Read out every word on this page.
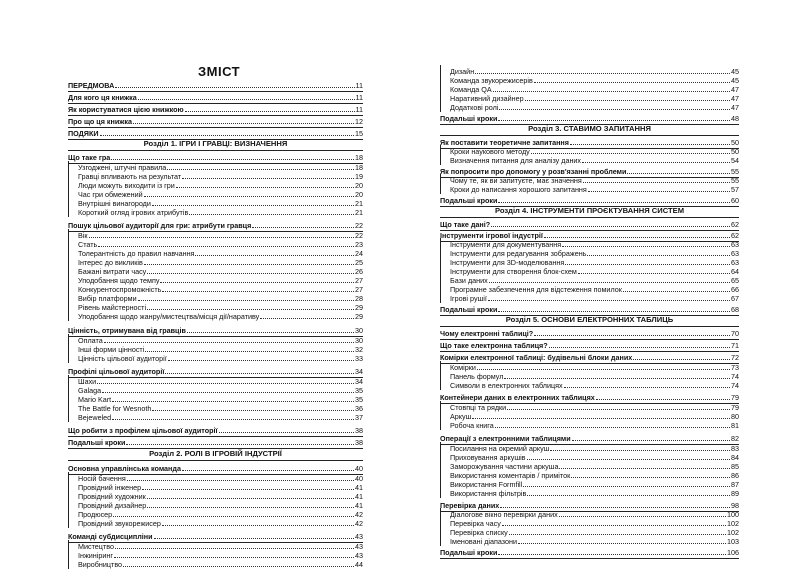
ЗМІСТ
ПЕРЕДМОВА	11
Для кого ця книжка	11
Як користуватися цією книжкою	11
Про що ця книжка	12
ПОДЯКИ	15
Розділ 1. ІГРИ І ГРАВЦІ: ВИЗНАЧЕННЯ
Що таке гра	18
Узгоджені, штучні правила	18
Гравці впливають на результат	19
Люди можуть виходити із гри	20
Час гри обмежений	20
Внутрішні винагороди	21
Короткий огляд ігрових атрибутів	21
Пошук цільової аудиторії для гри: атрибути гравця	22
Вік	22
Стать	23
Толерантність до правил навчання	24
Інтерес до викликів	25
Бажані витрати часу	26
Уподобання щодо темпу	27
Конкурентоспроможність	27
Вибір платформи	28
Рівень майстерності	29
Уподобання щодо жанру/мистецтва/місця дії/наративу	29
Цінність, отримувана від гравців	30
Оплата	30
Інші форми цінності	32
Цінність цільової аудиторії	33
Профілі цільової аудиторії	34
Шахи	34
Galaga	35
Mario Kart	35
The Battle for Wesnoth	36
Bejeweled	37
Що робити з профілем цільової аудиторії	38
Подальші кроки	38
Розділ 2. РОЛІ В ІГРОВІЙ ІНДУСТРІЇ
Основна управлінська команда	40
Носій бачення	40
Провідний інженер	41
Провідний художник	41
Провідний дизайнер	41
Продюсер	42
Провідний звукорежисер	42
Команді субдисципліни	43
Мистецтво	43
Інжиніринг	43
Виробництво	44
Дизайн	45
Команда звукорежисерів	45
Команда QA	47
Наративний дизайнер	47
Додаткові ролі	47
Подальші кроки	48
Розділ 3. СТАВИМО ЗАПИТАННЯ
Як поставити теоретичне запитання	50
Кроки наукового методу	50
Визначення питання для аналізу даних	54
Як попросити про допомогу у розв'язанні проблеми	55
Чому те, як ви запитуєте, має значення	55
Кроки до написання хорошого запитання	57
Подальші кроки	60
Розділ 4. ІНСТРУМЕНТИ ПРОЄКТУВАННЯ СИСТЕМ
Що таке дані?	62
Інструменти ігрової індустрії	62
Інструменти для документування	63
Інструменти для редагування зображень	63
Інструменти для 3D-моделювання	63
Інструменти для створення блок-схем	64
Бази даних	65
Програмне забезпечення для відстеження помилок	66
Ігрові рушії	67
Подальші кроки	68
Розділ 5. ОСНОВИ ЕЛЕКТРОННИХ ТАБЛИЦЬ
Чому електронні таблиці?	70
Що таке електронна таблиця?	71
Комірки електронної таблиці: будівельні блоки даних	72
Комірки	73
Панель формул	74
Символи в електронних таблицях	74
Контейнери даних в електронних таблицях	79
Стовпці та рядки	79
Аркуш	80
Робоча книга	81
Операції з електронними таблицями	82
Посилання на окремий аркуш	83
Приховування аркушів	84
Заморожування частини аркуша	85
Використання коментарів / приміток	86
Використання Formfill	87
Використання фільтрів	89
Перевірка даних	98
Діалогове вікно перевірки даних	100
Перевірка часу	102
Перевірка списку	102
Іменовані діапазони	103
Подальші кроки	106
